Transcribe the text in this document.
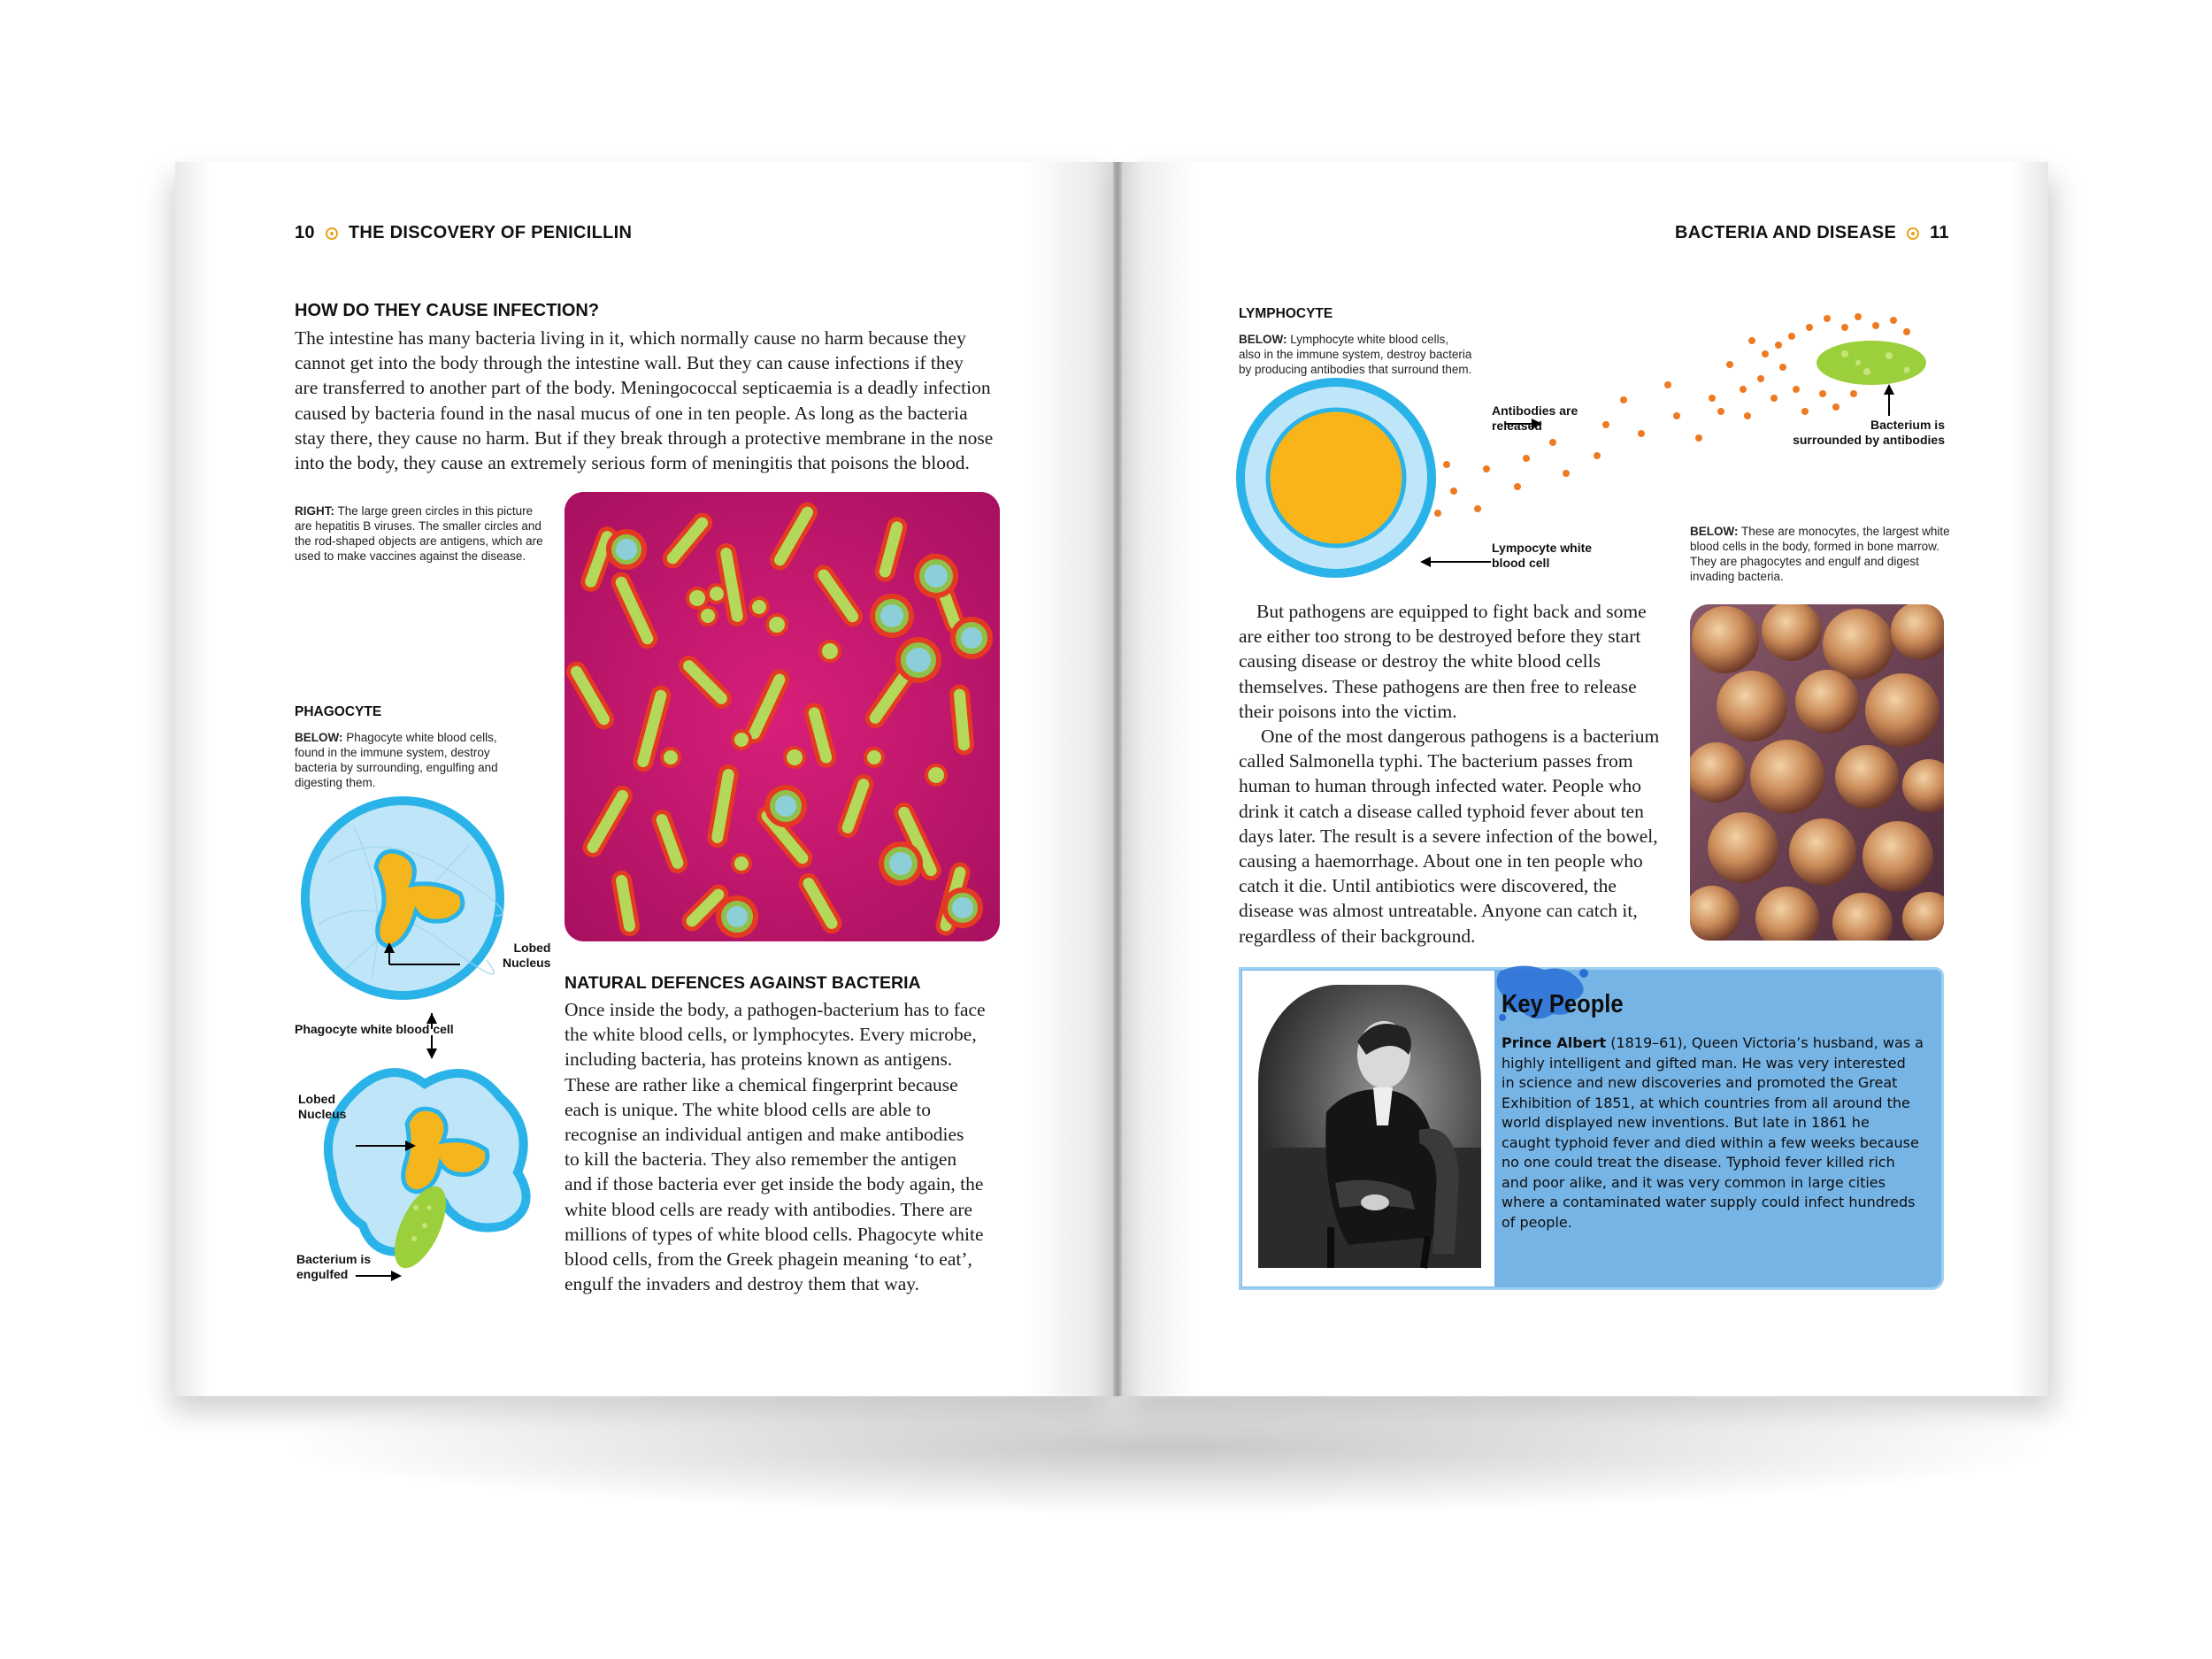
10 THE DISCOVERY OF PENICILLIN
HOW DO THEY CAUSE INFECTION?
The intestine has many bacteria living in it, which normally cause no harm because they
cannot get into the body through the intestine wall. But they can cause infections if they
are transferred to another part of the body. Meningococcal septicaemia is a deadly infection
caused by bacteria found in the nasal mucus of one in ten people. As long as the bacteria
stay there, they cause no harm. But if they break through a protective membrane in the nose
into the body, they cause an extremely serious form of meningitis that poisons the blood.
RIGHT: The large green circles in this picture are hepatitis B viruses. The smaller circles and the rod-shaped objects are antigens, which are used to make vaccines against the disease.
PHAGOCYTE
BELOW: Phagocyte white blood cells, found in the immune system, destroy bacteria by surrounding, engulfing and digesting them.
Lobed
Nucleus
Phagocyte white blood cell
Lobed
Nucleus
Bacterium is
engulfed
NATURAL DEFENCES AGAINST BACTERIA
Once inside the body, a pathogen-bacterium has to face
the white blood cells, or lymphocytes. Every microbe,
including bacteria, has proteins known as antigens.
These are rather like a chemical fingerprint because
each is unique. The white blood cells are able to
recognise an individual antigen and make antibodies
to kill the bacteria. They also remember the antigen
and if those bacteria ever get inside the body again, the
white blood cells are ready with antibodies. There are
millions of types of white blood cells. Phagocyte white
blood cells, from the Greek phagein meaning ‘to eat’,
engulf the invaders and destroy them that way.
BACTERIA AND DISEASE 11
LYMPHOCYTE
BELOW: Lymphocyte white blood cells,
also in the immune system, destroy bacteria
by producing antibodies that surround them.
Antibodies are
released	Bacterium is
surrounded by antibodies
Lympocyte white
blood cell
BELOW: These are monocytes, the largest white blood cells in the body, formed in bone marrow. They are phagocytes and engulf and digest invading bacteria.
But pathogens are equipped to fight back and some
are either too strong to be destroyed before they start
causing disease or destroy the white blood cells
themselves. These pathogens are then free to release
their poisons into the victim.
One of the most dangerous pathogens is a bacterium
called Salmonella typhi. The bacterium passes from
human to human through infected water. People who
drink it catch a disease called typhoid fever about ten
days later. The result is a severe infection of the bowel,
causing a haemorrhage. About one in ten people who
catch it die. Until antibiotics were discovered, the
disease was almost untreatable. Anyone can catch it,
regardless of their background.
Key People
Prince Albert (1819–61), Queen Victoria’s husband, was a
highly intelligent and gifted man. He was very interested
in science and new discoveries and promoted the Great
Exhibition of 1851, at which countries from all around the
world displayed new inventions. But late in 1861 he
caught typhoid fever and died within a few weeks because
no one could treat the disease. Typhoid fever killed rich
and poor alike, and it was very common in large cities
where a contaminated water supply could infect hundreds
of people.
